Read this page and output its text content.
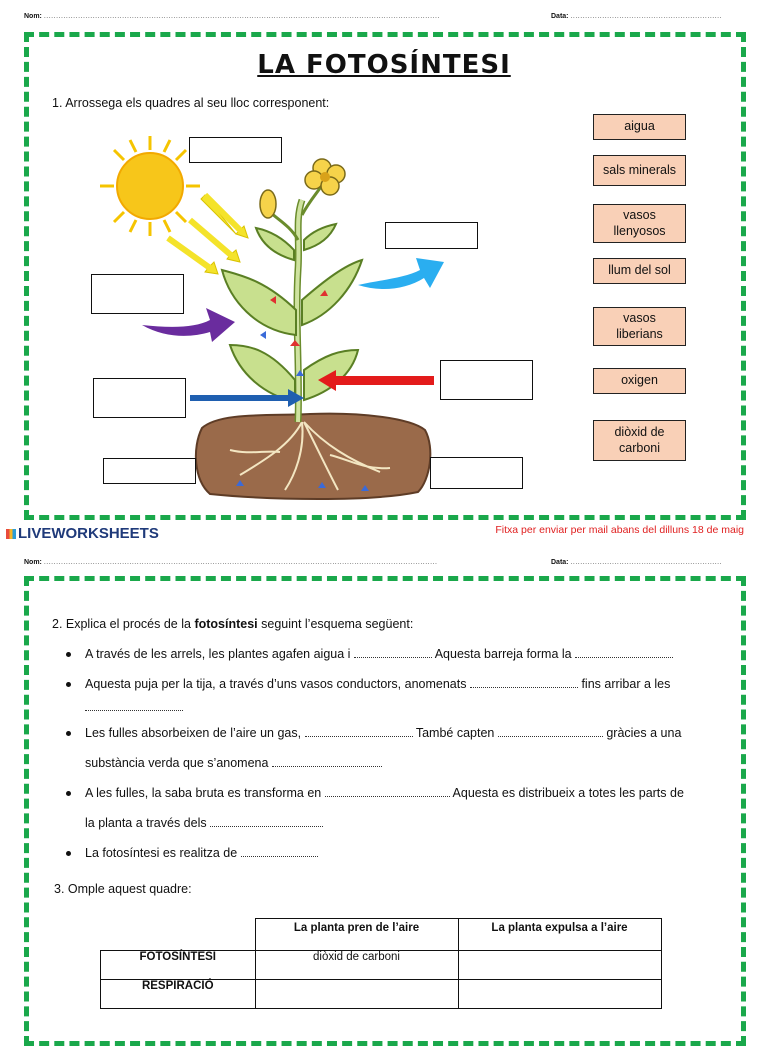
Nom: ..................................................................................................................................................................	Data: ..............................................................
LA FOTOSÍNTESI
1. Arrossega els quadres al seu lloc corresponent:
aigua
sals minerals
vasos llenyosos
llum del sol
vasos liberians
oxigen
diòxid de carboni
LIVEWORKSHEETS	Fitxa per enviar per mail abans del dilluns 18 de maig
Nom: .................................................................................................................................................................	Data: ..............................................................
2. Explica el procés de la fotosíntesi seguint l’esquema següent:
A través de les arrels, les plantes agafen aigua i	Aquesta barreja forma la
Aquesta puja per la tija, a través d’uns vasos conductors, anomenats	fins arribar a les
Les fulles absorbeixen de l’aire un gas,	També capten	gràcies a una
substància verda que s’anomena
A les fulles, la saba bruta es transforma en	Aquesta es distribueix a totes les parts de
la planta a través dels
La fotosíntesi es realitza de
3. Omple aquest quadre:
	La planta pren de l’aire	La planta expulsa a l’aire
FOTOSÍNTESI	diòxid de carboni	
RESPIRACIÓ		
